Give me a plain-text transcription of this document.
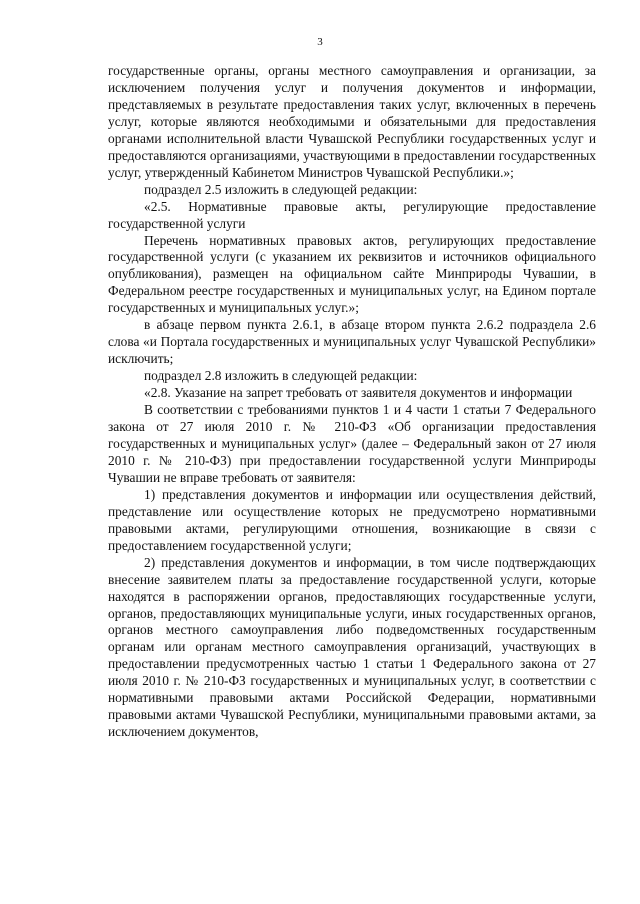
3

государственные органы, органы местного самоуправления и организации, за исключением получения услуг и получения документов и информации, представляемых в результате предоставления таких услуг, включенных в перечень услуг, которые являются необходимыми и обязательными для предоставления органами исполнительной власти Чувашской Республики государственных услуг и предоставляются организациями, участвующими в предоставлении государственных услуг, утвержденный Кабинетом Министров Чувашской Республики.»;

подраздел 2.5 изложить в следующей редакции:

«2.5. Нормативные правовые акты, регулирующие предоставление государственной услуги

Перечень нормативных правовых актов, регулирующих предоставление государственной услуги (с указанием их реквизитов и источников официального опубликования), размещен на официальном сайте Минприроды Чувашии, в Федеральном реестре государственных и муниципальных услуг, на Едином портале государственных и муниципальных услуг.»;

в абзаце первом пункта 2.6.1, в абзаце втором пункта 2.6.2 подраздела 2.6 слова «и Портала государственных и муниципальных услуг Чувашской Республики» исключить;

подраздел 2.8 изложить в следующей редакции:

«2.8. Указание на запрет требовать от заявителя документов и информации

В соответствии с требованиями пунктов 1 и 4 части 1 статьи 7 Федерального закона от 27 июля 2010 г. № 210-ФЗ «Об организации предоставления государственных и муниципальных услуг» (далее – Федеральный закон от 27 июля 2010 г. № 210-ФЗ) при предоставлении государственной услуги Минприроды Чувашии не вправе требовать от заявителя:

1) представления документов и информации или осуществления действий, представление или осуществление которых не предусмотрено нормативными правовыми актами, регулирующими отношения, возникающие в связи с предоставлением государственной услуги;

2) представления документов и информации, в том числе подтверждающих внесение заявителем платы за предоставление государственной услуги, которые находятся в распоряжении органов, предоставляющих государственные услуги, органов, предоставляющих муниципальные услуги, иных государственных органов, органов местного самоуправления либо подведомственных государственным органам или органам местного самоуправления организаций, участвующих в предоставлении предусмотренных частью 1 статьи 1 Федерального закона от 27 июля 2010 г. № 210-ФЗ государственных и муниципальных услуг, в соответствии с нормативными правовыми актами Российской Федерации, нормативными правовыми актами Чувашской Республики, муниципальными правовыми актами, за исключением документов,
